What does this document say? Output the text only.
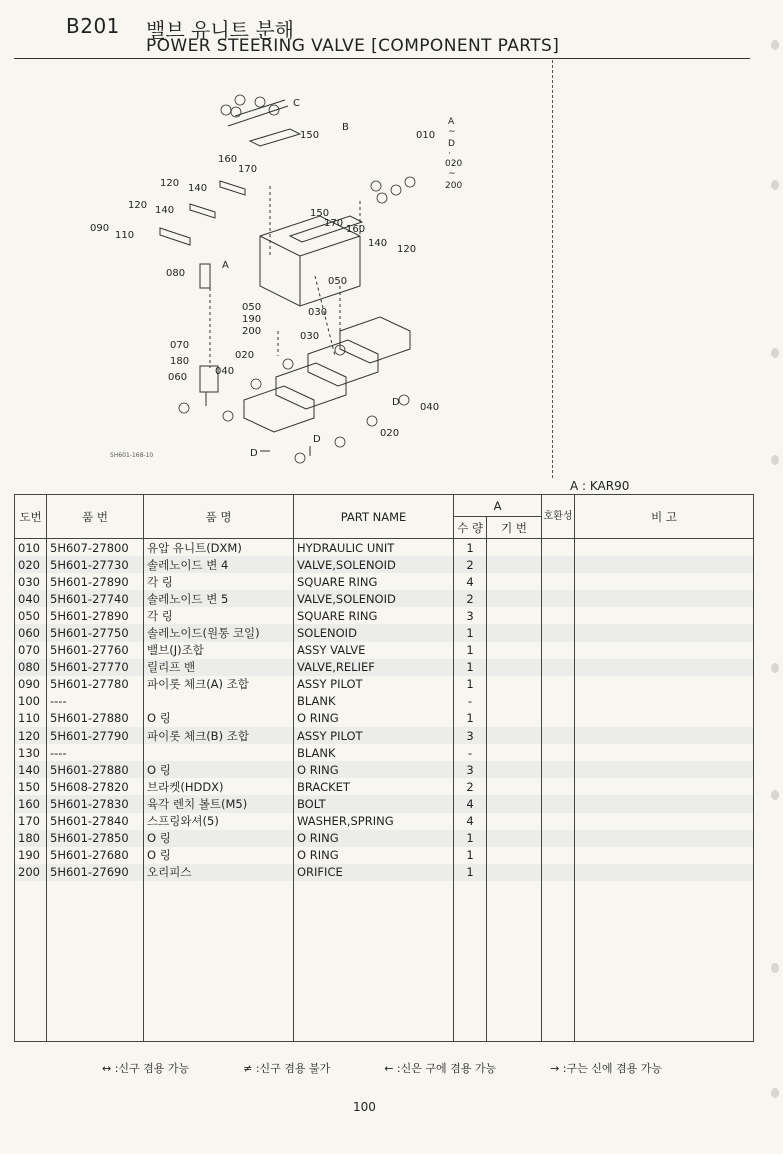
B201 밸브 유니트 분해
POWER STEERING VALVE [COMPONENT PARTS]
C
150
160
170
B
120 140
120 140
090
110
150
170
160
140
120
080
A
050
050
190
200
030
030
070
180
060
020
040
040
020
D
D
D
010
A
~
D
·
020
~
200
5H601-168-10
A : KAR90
도번	품 번	품 명	PART NAME	A		호환성	비 고
				수 량	기 번		
010	5H607-27800	유압 유니트(DXM)	HYDRAULIC UNIT	1			
020	5H601-27730	솔레노이드 변 4	VALVE,SOLENOID	2			
030	5H601-27890	각 링	SQUARE RING	4			
040	5H601-27740	솔레노이드 변 5	VALVE,SOLENOID	2			
050	5H601-27890	각 링	SQUARE RING	3			
060	5H601-27750	솔레노이드(원통 코일)	SOLENOID	1			
070	5H601-27760	밸브(J)조합	ASSY VALVE	1			
080	5H601-27770	릴리프 밴	VALVE,RELIEF	1			
090	5H601-27780	파이롯 체크(A) 조합	ASSY PILOT	1			
100	----		BLANK	-			
110	5H601-27880	O 링	O RING	1			
120	5H601-27790	파이롯 체크(B) 조합	ASSY PILOT	3			
130	----		BLANK	-			
140	5H601-27880	O 링	O RING	3			
150	5H608-27820	브라켓(HDDX)	BRACKET	2			
160	5H601-27830	육각 렌치 볼트(M5)	BOLT	4			
170	5H601-27840	스프링와셔(5)	WASHER,SPRING	4			
180	5H601-27850	O 링	O RING	1			
190	5H601-27680	O 링	O RING	1			
200	5H601-27690	오리피스	ORIFICE	1			

↔ :신구 겸용 가능	≠ :신구 겸용 불가	← :신은 구에 겸용 가능	→ :구는 신에 겸용 가능
100
